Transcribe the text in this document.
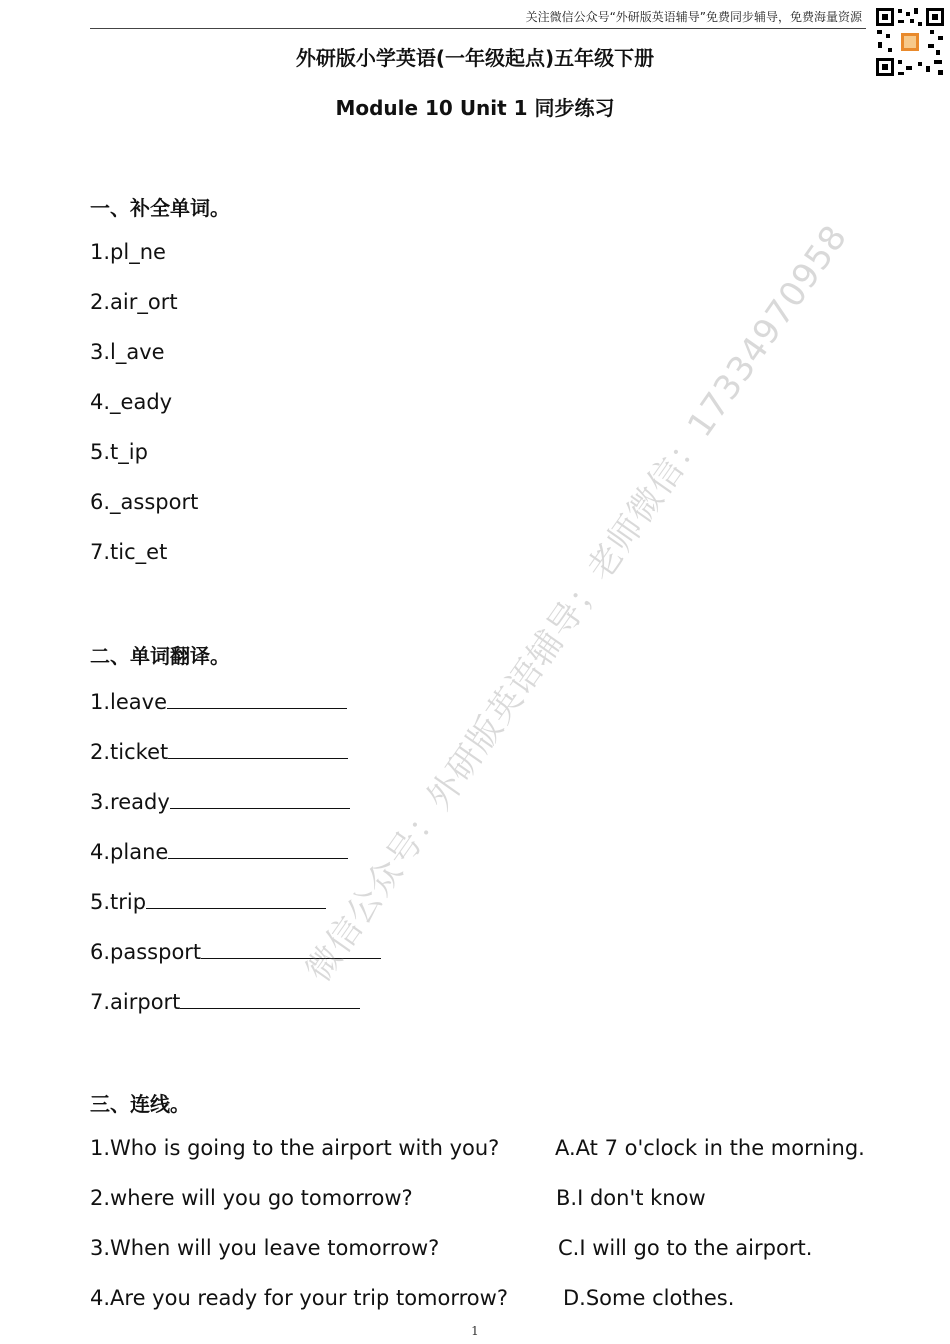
关注微信公众号“外研版英语辅导”免费同步辅导，免费海量资源
外研版小学英语(一年级起点)五年级下册
Module 10 Unit 1 同步练习
一、补全单词。
1.pl_ne
2.air_ort
3.l_ave
4._eady
5.t_ip
6._assport
7.tic_et
二、单词翻译。
1.leave
2.ticket
3.ready
4.plane
5.trip
6.passport
7.airport
三、连线。
1.Who is going to the airport with you?
2.where will you go tomorrow?
3.When will you leave tomorrow?
4.Are you ready for your trip tomorrow?
A.At 7 o'clock in the morning.
B.I don't know
C.I will go to the airport.
D.Some clothes.
微信公众号：外研版英语辅导；老师微信：17334970958
1
